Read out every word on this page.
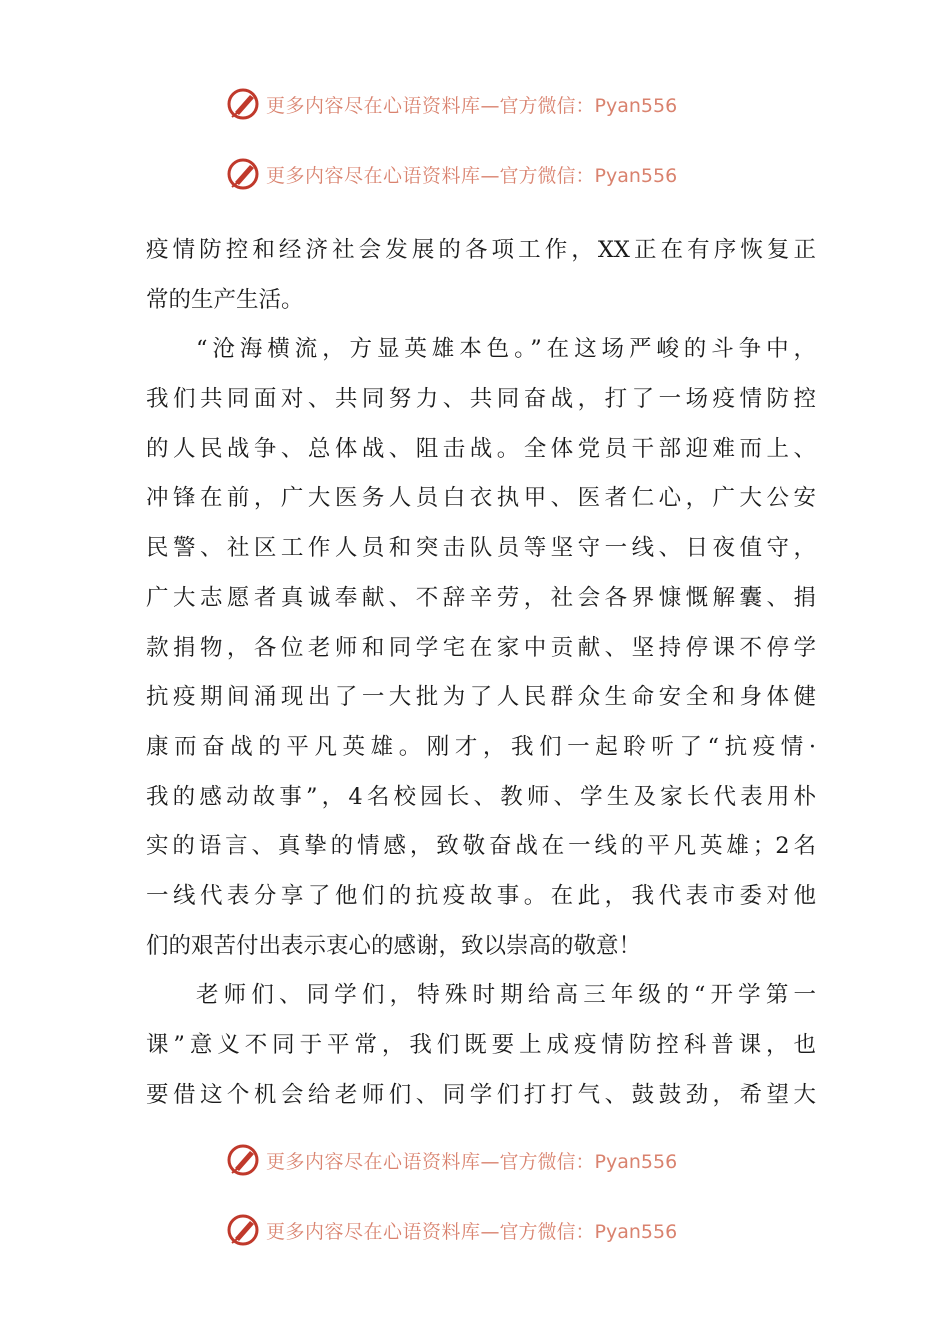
更多内容尽在心语资料库 —官方微信：Pyan556
更多内容尽在心语资料库 —官方微信：Pyan556
疫情防控和经济社会发展的各项工作，XX正在有序恢复正
常的生产生活。
“沧海横流，方显英雄本色。”在这场严峻的斗争中，
我们共同面对、共同努力、共同奋战，打了一场疫情防控
的人民战争、总体战、阻击战。全体党员干部迎难而上、
冲锋在前，广大医务人员白衣执甲、医者仁心，广大公安
民警、社区工作人员和突击队员等坚守一线、日夜值守，
广大志愿者真诚奉献、不辞辛劳，社会各界慷慨解囊、捐
款捐物，各位老师和同学宅在家中贡献、坚持停课不停学
抗疫期间涌现出了一大批为了人民群众生命安全和身体健
康而奋战的平凡英雄。刚才，我们一起聆听了“抗疫情·
我的感动故事”，4名校园长、教师、学生及家长代表用朴
实的语言、真挚的情感，致敬奋战在一线的平凡英雄；2名
一线代表分享了他们的抗疫故事。在此，我代表市委对他
们的艰苦付出表示衷心的感谢，致以崇高的敬意！
老师们、同学们，特殊时期给高三年级的“开学第一
课”意义不同于平常，我们既要上成疫情防控科普课，也
要借这个机会给老师们、同学们打打气、鼓鼓劲，希望大
更多内容尽在心语资料库 —官方微信：Pyan556
更多内容尽在心语资料库 —官方微信：Pyan556
